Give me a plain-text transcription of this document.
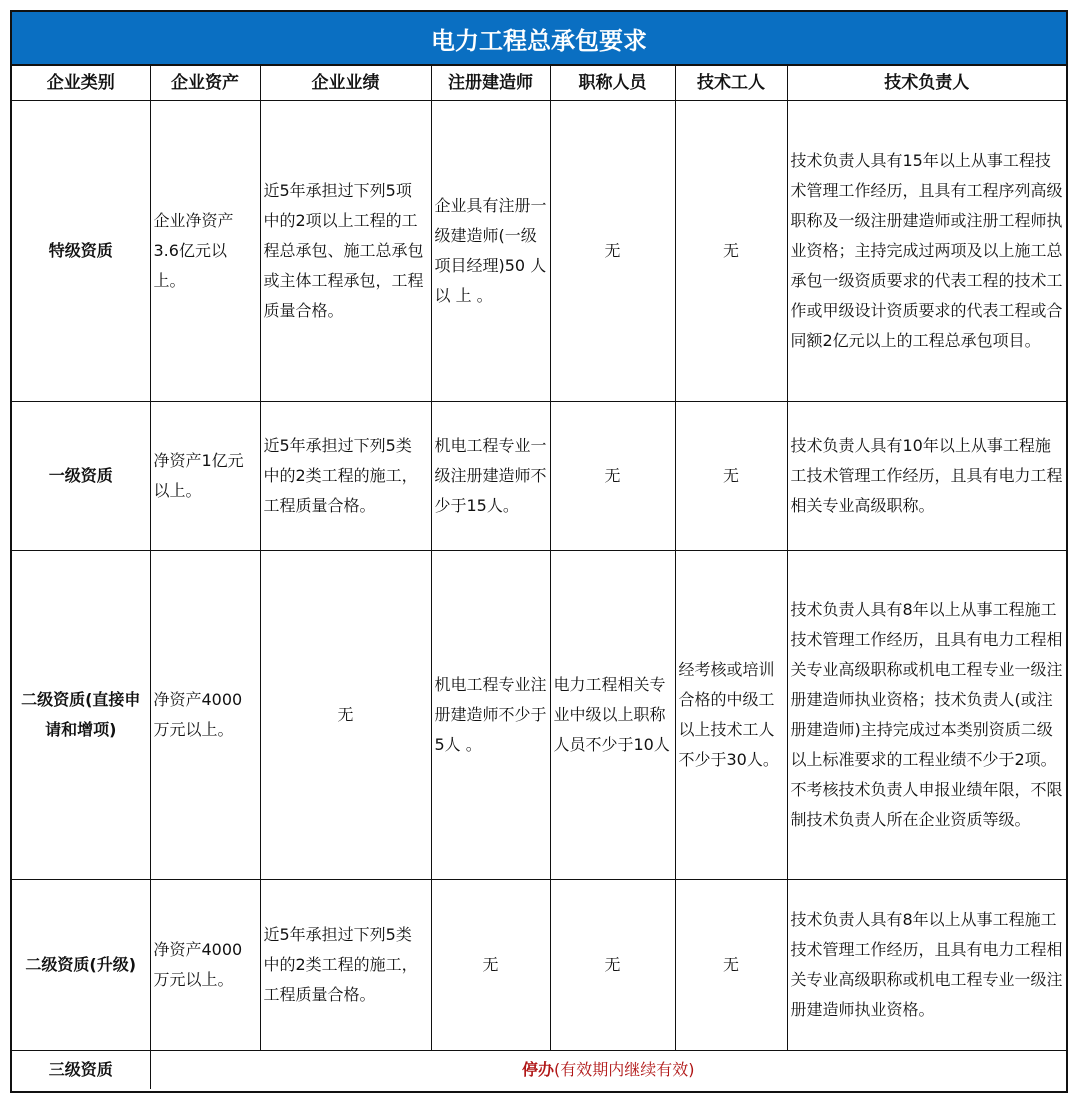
电力工程总承包要求
企业类别	企业资产	企业业绩	注册建造师	职称人员	技术工人	技术负责人
特级资质	企业净资产3.6亿元以上。	近5年承担过下列5项中的2项以上工程的工程总承包、施工总承包或主体工程承包，工程质量合格。	企业具有注册一级建造师(一级项目经理)50 人 以 上 。	无	无	技术负责人具有15年以上从事工程技术管理工作经历，且具有工程序列高级职称及一级注册建造师或注册工程师执业资格；主持完成过两项及以上施工总承包一级资质要求的代表工程的技术工作或甲级设计资质要求的代表工程或合同额2亿元以上的工程总承包项目。
一级资质	净资产1亿元以上。	近5年承担过下列5类中的2类工程的施工，工程质量合格。	机电工程专业一级注册建造师不少于15人。	无	无	技术负责人具有10年以上从事工程施工技术管理工作经历，且具有电力工程相关专业高级职称。
二级资质(直接申请和增项)	净资产4000万元以上。	无	机电工程专业注册建造师不少于5人 。	电力工程相关专业中级以上职称人员不少于10人	经考核或培训合格的中级工以上技术工人不少于30人。	技术负责人具有8年以上从事工程施工技术管理工作经历，且具有电力工程相关专业高级职称或机电工程专业一级注册建造师执业资格；技术负责人(或注册建造师)主持完成过本类别资质二级以上标准要求的工程业绩不少于2项。不考核技术负责人申报业绩年限，不限制技术负责人所在企业资质等级。
二级资质(升级)	净资产4000万元以上。	近5年承担过下列5类中的2类工程的施工，工程质量合格。	无	无	无	技术负责人具有8年以上从事工程施工技术管理工作经历，且具有电力工程相关专业高级职称或机电工程专业一级注册建造师执业资格。
三级资质	停办(有效期内继续有效)					
